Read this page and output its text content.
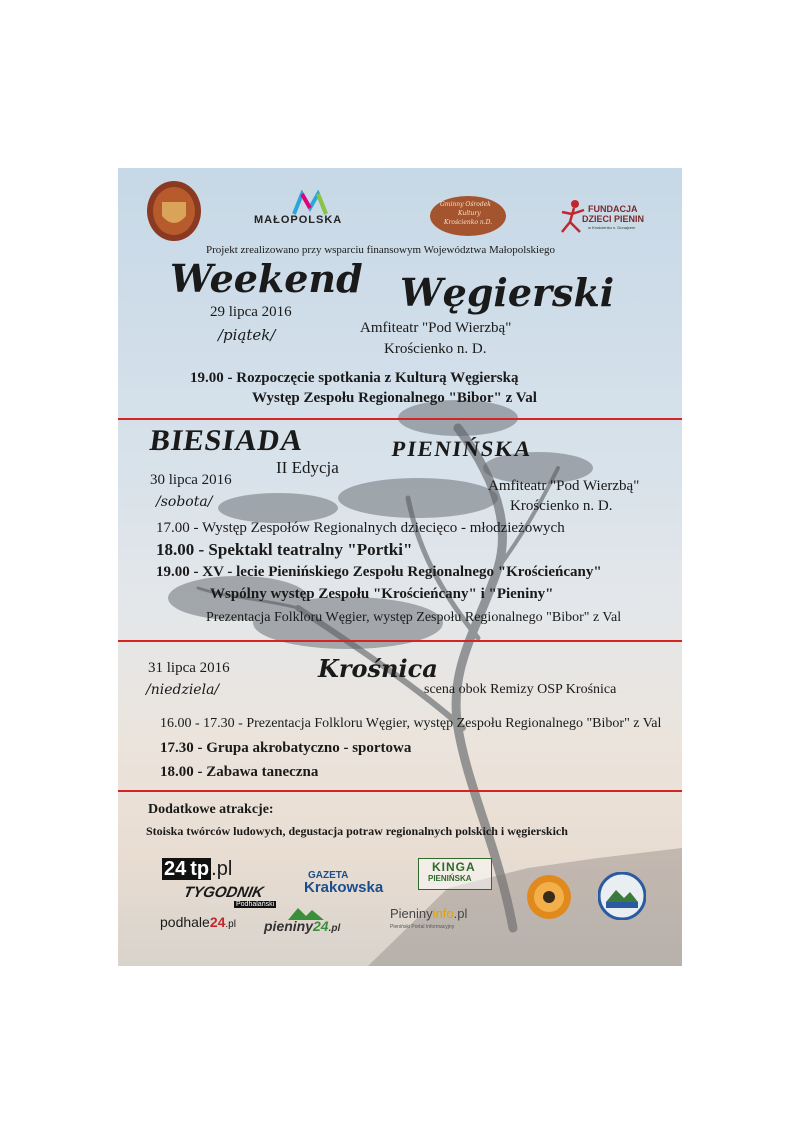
MAŁOPOLSKA
Gminny Ośrodek
Kultury
Krościenko n.D.
FUNDACJA
DZIECI PIENIN
w Krościenku n. Dunajcem
Projekt zrealizowano przy wsparciu finansowym Województwa Małopolskiego
Weekend Węgierski
29 lipca 2016
/piątek/	Amfiteatr "Pod Wierzbą"
Krościenko n. D.
19.00 - Rozpoczęcie spotkania z Kulturą Węgierską
Występ Zespołu Regionalnego "Bibor" z Val
BIESIADA	PIENIŃSKA
II Edycja
30 lipca 2016
/sobota/
Amfiteatr "Pod Wierzbą"
Krościenko n. D.
17.00 - Występ Zespołów Regionalnych dziecięco - młodzieżowych
18.00 - Spektakl teatralny "Portki"
19.00 - XV - lecie Pienińskiego Zespołu Regionalnego "Krościeńcany"
Wspólny występ Zespołu "Krościeńcany" i "Pieniny"
Prezentacja Folkloru Węgier, występ Zespołu Regionalnego "Bibor" z Val
31 lipca 2016
/niedziela/
Krośnica
scena obok Remizy OSP Krośnica
16.00 - 17.30 - Prezentacja Folkloru Węgier, występ Zespołu Regionalnego "Bibor" z Val
17.30 - Grupa akrobatyczno - sportowa
18.00 - Zabawa taneczna
Dodatkowe atrakcje:
Stoiska twórców ludowych, degustacja potraw regionalnych polskich i węgierskich
24 tp .pl
TYGODNIK
Podhalański
podhale24.pl
GAZETA
Krakowska
pieniny24.pl
KINGA
PIENIŃSKA
Pieninyinfo.pl
Pieniński Portal Informacyjny
